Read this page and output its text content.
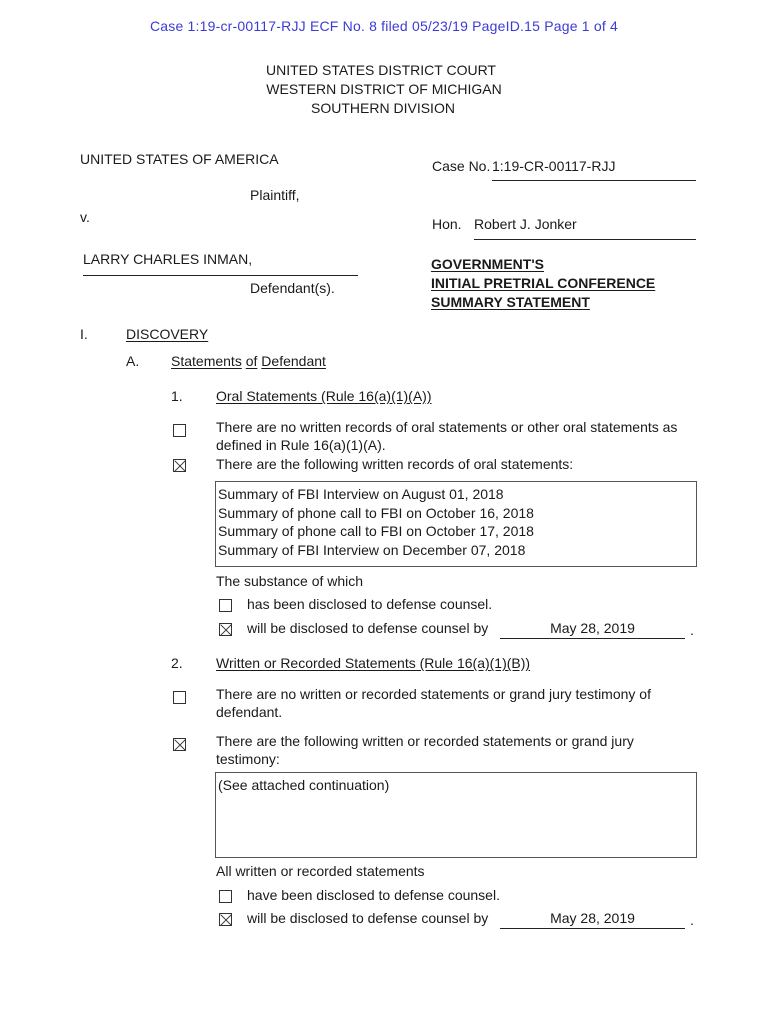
Case 1:19-cr-00117-RJJ ECF No. 8 filed 05/23/19 PageID.15 Page 1 of 4
UNITED STATES DISTRICT COURT
WESTERN DISTRICT OF MICHIGAN
SOUTHERN DIVISION
UNITED STATES OF AMERICA
Plaintiff,
v.
LARRY CHARLES INMAN,
Defendant(s).
Case No. 1:19-CR-00117-RJJ
Hon. Robert J. Jonker
GOVERNMENT'S
INITIAL PRETRIAL CONFERENCE
SUMMARY STATEMENT
I.	DISCOVERY
A. Statements of Defendant
1. Oral Statements (Rule 16(a)(1)(A))
There are no written records of oral statements or other oral statements as defined in Rule 16(a)(1)(A).
There are the following written records of oral statements:
Summary of FBI Interview on August 01, 2018
Summary of phone call to FBI on October 16, 2018
Summary of phone call to FBI on October 17, 2018
Summary of FBI Interview on December 07, 2018
The substance of which
has been disclosed to defense counsel.
will be disclosed to defense counsel by	May 28, 2019	.
2. Written or Recorded Statements (Rule 16(a)(1)(B))
There are no written or recorded statements or grand jury testimony of defendant.
There are the following written or recorded statements or grand jury testimony:
(See attached continuation)
All written or recorded statements
have been disclosed to defense counsel.
will be disclosed to defense counsel by	May 28, 2019	.
